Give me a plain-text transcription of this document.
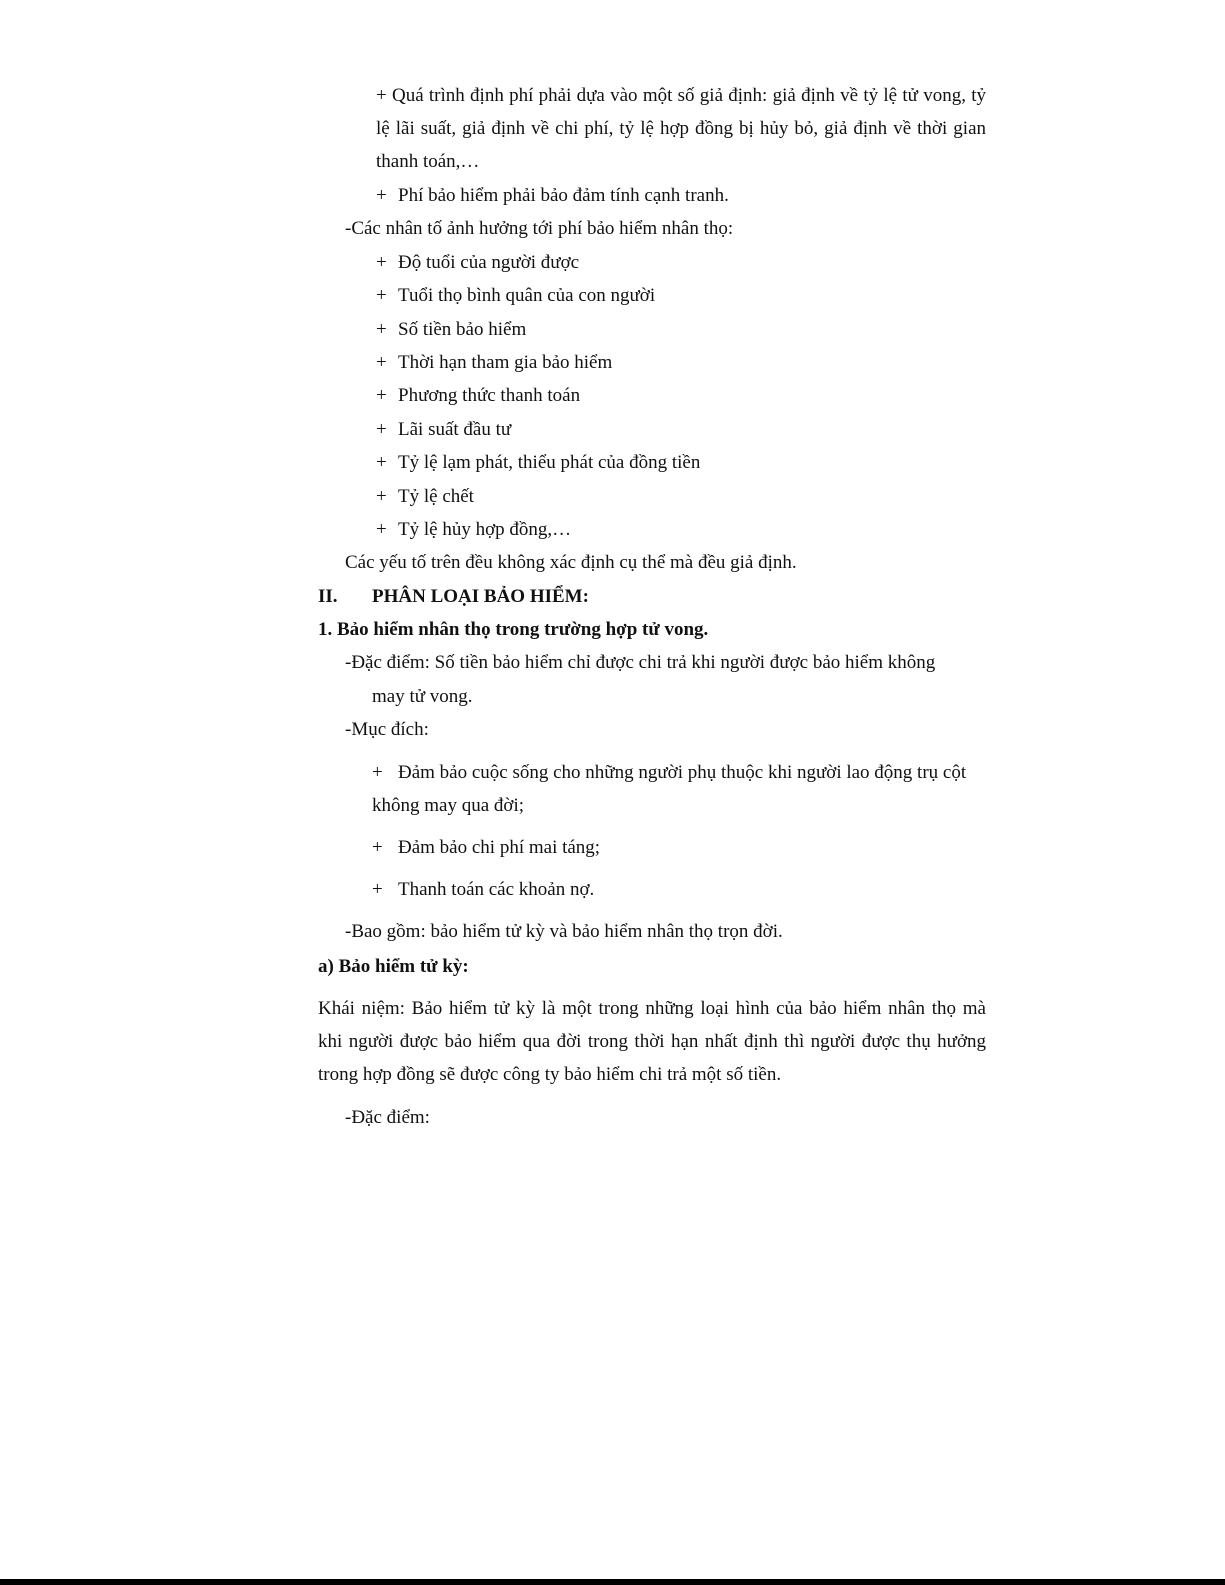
+ Quá trình định phí phải dựa vào một số giả định: giả định về tỷ lệ tử vong, tỷ
lệ lãi suất, giả định về chi phí, tỷ lệ hợp đồng bị hủy bỏ, giả định về thời gian
thanh toán,…
+ Phí bảo hiểm phải bảo đảm tính cạnh tranh.
-Các nhân tố ảnh hưởng tới phí bảo hiểm nhân thọ:
+ Độ tuổi của người được
+ Tuổi thọ bình quân của con người
+ Số tiền bảo hiểm
+ Thời hạn tham gia bảo hiểm
+ Phương thức thanh toán
+ Lãi suất đầu tư
+ Tỷ lệ lạm phát, thiểu phát của đồng tiền
+ Tỷ lệ chết
+ Tỷ lệ hủy hợp đồng,…
Các yếu tố trên đều không xác định cụ thể mà đều giả định.
II. PHÂN LOẠI BẢO HIỂM:
1. Bảo hiểm nhân thọ trong trường hợp tử vong.
-Đặc điểm: Số tiền bảo hiểm chỉ được chi trả khi người được bảo hiểm không
may tử vong.
-Mục đích:
+ Đảm bảo cuộc sống cho những người phụ thuộc khi người lao động trụ cột
không may qua đời;
+ Đảm bảo chi phí mai táng;
+ Thanh toán các khoản nợ.
-Bao gồm: bảo hiểm tử kỳ và bảo hiểm nhân thọ trọn đời.
a) Bảo hiểm tử kỳ:
Khái niệm: Bảo hiểm tử kỳ là một trong những loại hình của bảo hiểm nhân thọ mà
khi người được bảo hiểm qua đời trong thời hạn nhất định thì người được thụ hưởng
trong hợp đồng sẽ được công ty bảo hiểm chi trả một số tiền.
-Đặc điểm:
